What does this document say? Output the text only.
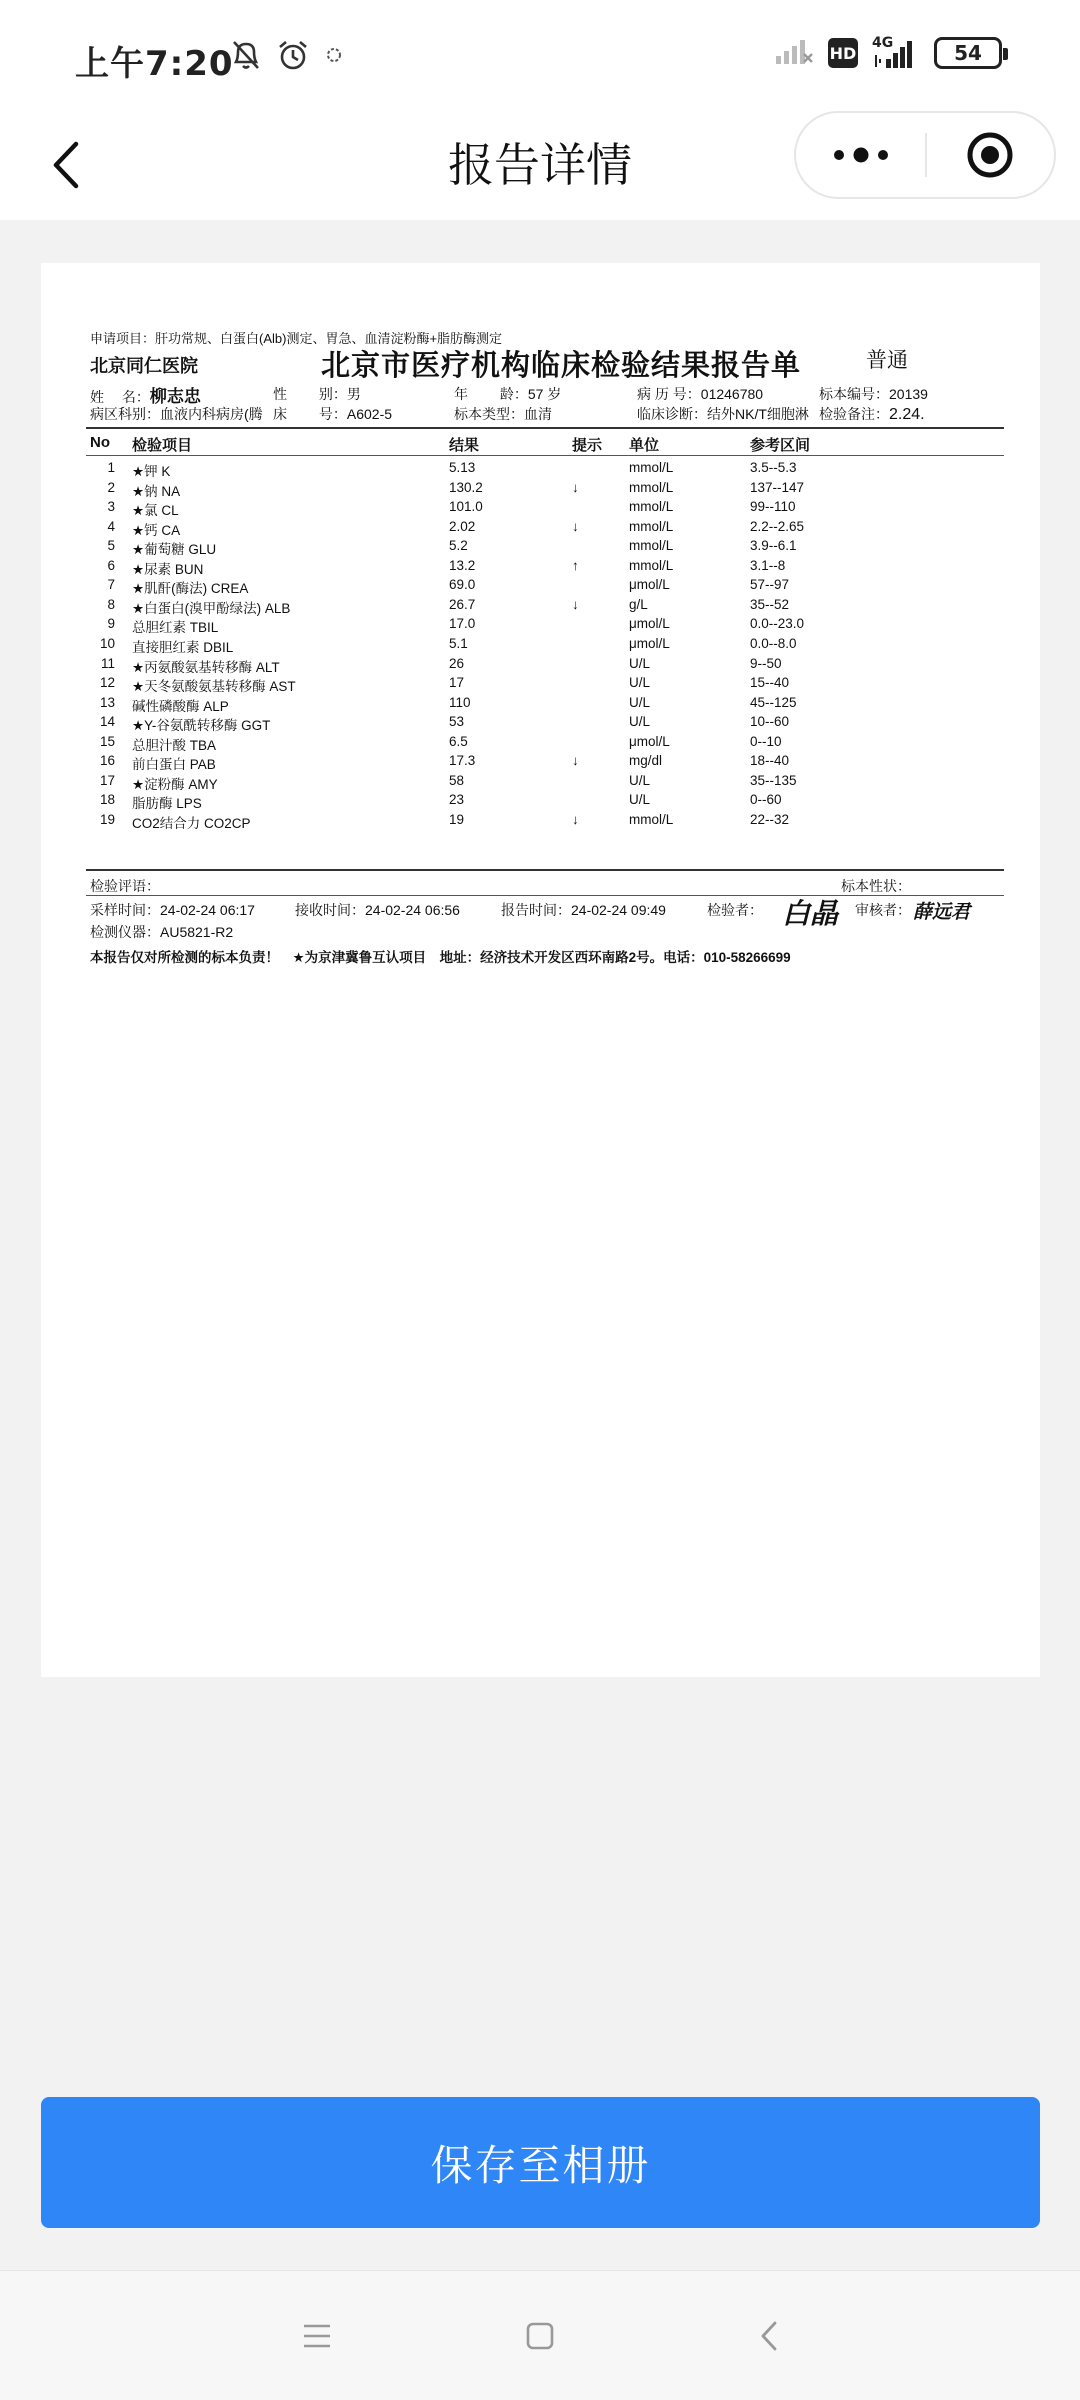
上午7:20	HD
4G	54
报告详情
申请项目：肝功常规、白蛋白(Alb)测定、胃急、血清淀粉酶+脂肪酶测定
北京同仁医院	北京市医疗机构临床检验结果报告单	普通
姓　 名：柳志忠	性　　 别：男	年　　 龄：57 岁	病 历 号：01246780	标本编号：20139
病区科别：血液内科病房(腾 床　　 号：A602-5	标本类型：血清	临床诊断：结外NK/T细胞淋 检验备注：2.24.
No 检验项目	结果	提示 单位	参考区间
1 ★钾 K	5.13	mmol/L	3.5--5.3
2 ★钠 NA	130.2	↓	mmol/L	137--147
3 ★氯 CL	101.0	mmol/L	99--110
4 ★钙 CA	2.02	↓	mmol/L	2.2--2.65
5 ★葡萄糖 GLU	5.2	mmol/L	3.9--6.1
6 ★尿素 BUN	13.2	↑	mmol/L	3.1--8
7 ★肌酐(酶法) CREA	69.0	μmol/L	57--97
8 ★白蛋白(溴甲酚绿法) ALB	26.7	↓	g/L	35--52
9 总胆红素 TBIL	17.0	μmol/L	0.0--23.0
10 直接胆红素 DBIL	5.1	μmol/L	0.0--8.0
11 ★丙氨酸氨基转移酶 ALT	26	U/L	9--50
12 ★天冬氨酸氨基转移酶 AST	17	U/L	15--40
13 碱性磷酸酶 ALP	110	U/L	45--125
14 ★Y-谷氨酰转移酶 GGT	53	U/L	10--60
15 总胆汁酸 TBA	6.5	μmol/L	0--10
16 前白蛋白 PAB	17.3	↓	mg/dl	18--40
17 ★淀粉酶 AMY	58	U/L	35--135
18 脂肪酶 LPS	23	U/L	0--60
19 CO2结合力 CO2CP	19	↓	mmol/L	22--32
检验评语：	标本性状：
采样时间：24-02-24 06:17	接收时间：24-02-24 06:56	报告时间：24-02-24 09:49	检验者： 白晶 审核者： 薛远君
检测仪器：AU5821-R2
本报告仅对所检测的标本负责！　★为京津冀鲁互认项目　地址：经济技术开发区西环南路2号。电话：010-58266699
保存至相册
